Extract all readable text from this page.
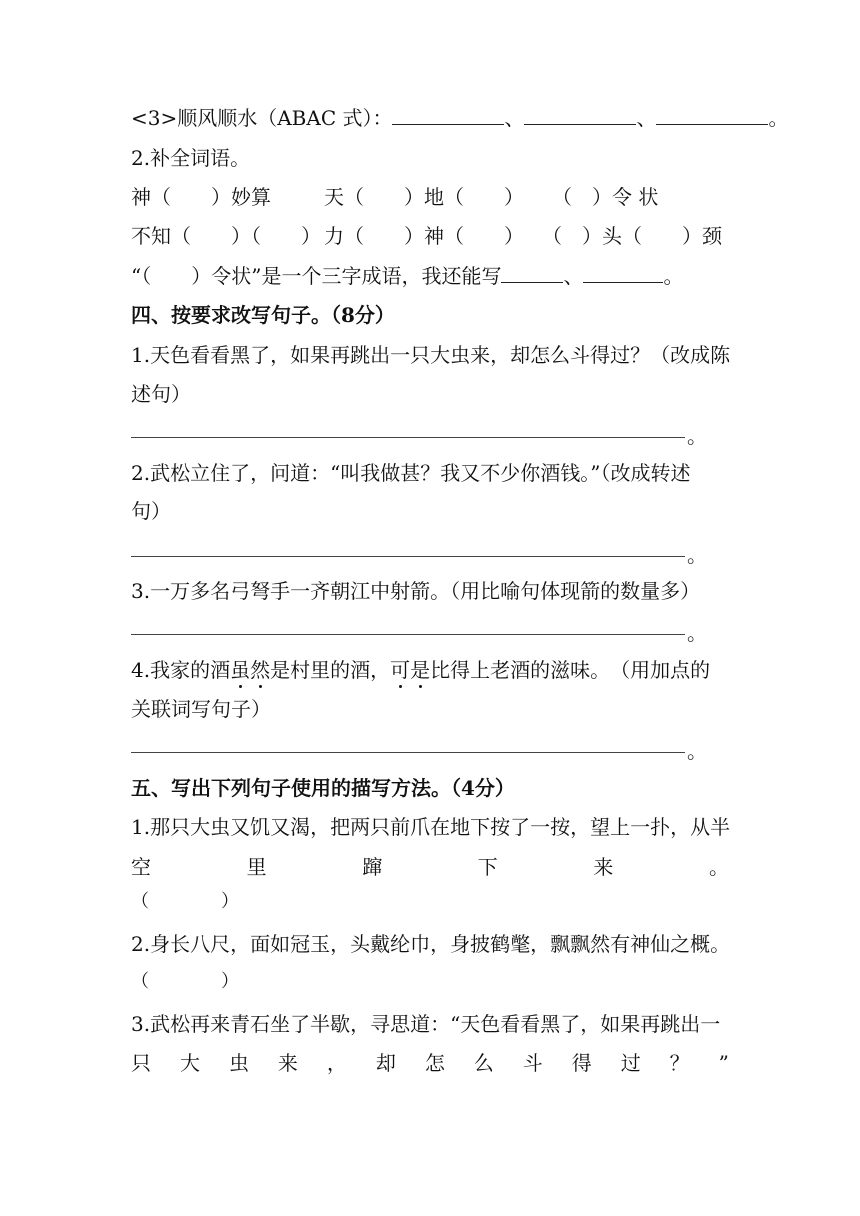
<3>顺风顺水（ABAC 式）：	、	、	。
2.补全词语。
神（　　）妙算	天（　　）地（　　） （　）令 状
不知（　　）（　　） 力（　　）神（　　） （　）头（　　）颈
“（　　）令状”是一个三字成语，我还能写	、	。
四、按要求改写句子。（8分）
1.天色看看黑了，如果再跳出一只大虫来，却怎么斗得过？（改成陈
述句）
。
2.武松立住了，问道：“叫我做甚？我又不少你酒钱。”（改成转述
句）
。
3.一万多名弓弩手一齐朝江中射箭。（用比喻句体现箭的数量多）
。
4.我家的酒虽然是村里的酒，可是比得上老酒的滋味。　（用加点的
关联词写句子）
。
五、写出下列句子使用的描写方法。（4分）
1.那只大虫又饥又渴，把两只前爪在地下按了一按，望上一扑，从半
空	里	蹿	下	来	。
（　　　　）
2.身长八尺，面如冠玉，头戴纶巾，身披鹤氅，飘飘然有神仙之概。
（　　　　）
3.武松再来青石坐了半歇，寻思道：“天色看看黑了，如果再跳出一
只 大 虫 来 ， 却 怎 么 斗 得 过 ？ ”
